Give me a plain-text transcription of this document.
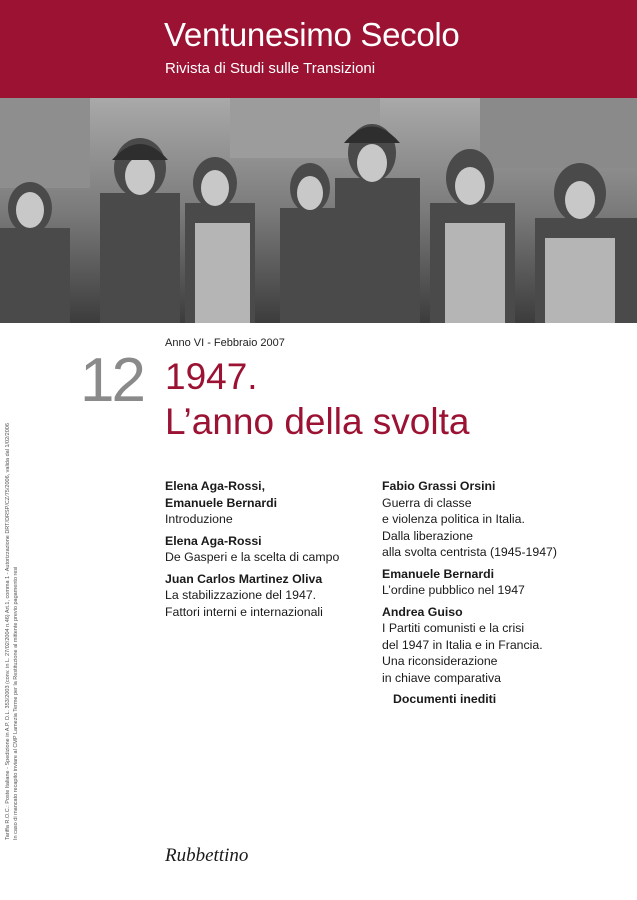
Ventunesimo Secolo
Rivista di Studi sulle Transizioni
Tariffa R.O.C.: Poste Italiane - Spedizione in A.P. D.L. 353/2003 (conv. in L. 27/02/2004 n.46) Art.1, comma 1 - Autorizzazione DRT/DRSP/CZ/75/2006, valida dal 1/02/2006 In caso di mancato recapito inviare al CMP Lamezia Terme per la Restituzione al mittente previo pagamento resi
Anno VI - Febbraio 2007
12 1947.
L’anno della svolta
Elena Aga-Rossi,
Emanuele Bernardi
Introduzione
Elena Aga-Rossi
De Gasperi e la scelta di campo
Juan Carlos Martinez Oliva
La stabilizzazione del 1947.
Fattori interni e internazionali
Fabio Grassi Orsini
Guerra di classe
e violenza politica in Italia.
Dalla liberazione
alla svolta centrista (1945-1947)
Emanuele Bernardi
L’ordine pubblico nel 1947
Andrea Guiso
I Partiti comunisti e la crisi
del 1947 in Italia e in Francia.
Una riconsiderazione
in chiave comparativa
Documenti inediti
Rubbettino
